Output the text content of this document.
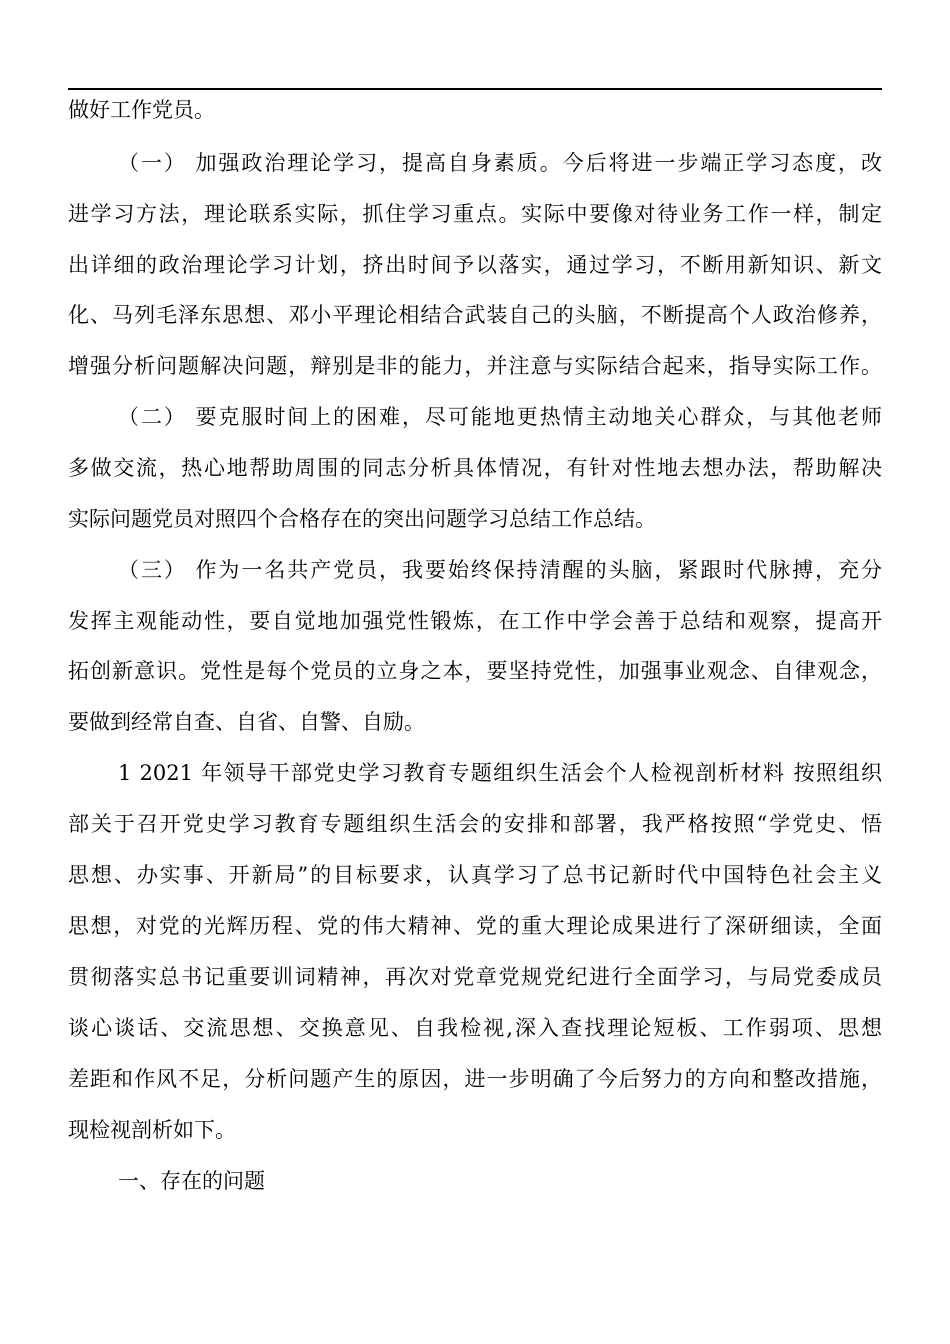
做好工作党员。
（一） 加强政治理论学习，提高自身素质。今后将进一步端正学习态度，改
进学习方法，理论联系实际，抓住学习重点。实际中要像对待业务工作一样，制定
出详细的政治理论学习计划，挤出时间予以落实，通过学习，不断用新知识、新文
化、马列毛泽东思想、邓小平理论相结合武装自己的头脑，不断提高个人政治修养，
增强分析问题解决问题，辩别是非的能力，并注意与实际结合起来，指导实际工作。
（二） 要克服时间上的困难，尽可能地更热情主动地关心群众，与其他老师
多做交流，热心地帮助周围的同志分析具体情况，有针对性地去想办法，帮助解决
实际问题党员对照四个合格存在的突出问题学习总结工作总结。
（三） 作为一名共产党员，我要始终保持清醒的头脑，紧跟时代脉搏，充分
发挥主观能动性，要自觉地加强党性锻炼，在工作中学会善于总结和观察，提高开
拓创新意识。党性是每个党员的立身之本，要坚持党性，加强事业观念、自律观念，
要做到经常自查、自省、自警、自励。
1 2021 年领导干部党史学习教育专题组织生活会个人检视剖析材料 按照组织
部关于召开党史学习教育专题组织生活会的安排和部署，我严格按照“学党史、悟
思想、办实事、开新局”的目标要求，认真学习了总书记新时代中国特色社会主义
思想，对党的光辉历程、党的伟大精神、党的重大理论成果进行了深研细读，全面
贯彻落实总书记重要训词精神，再次对党章党规党纪进行全面学习，与局党委成员
谈心谈话、交流思想、交换意见、自我检视,深入查找理论短板、工作弱项、思想
差距和作风不足，分析问题产生的原因，进一步明确了今后努力的方向和整改措施，
现检视剖析如下。
一、存在的问题
